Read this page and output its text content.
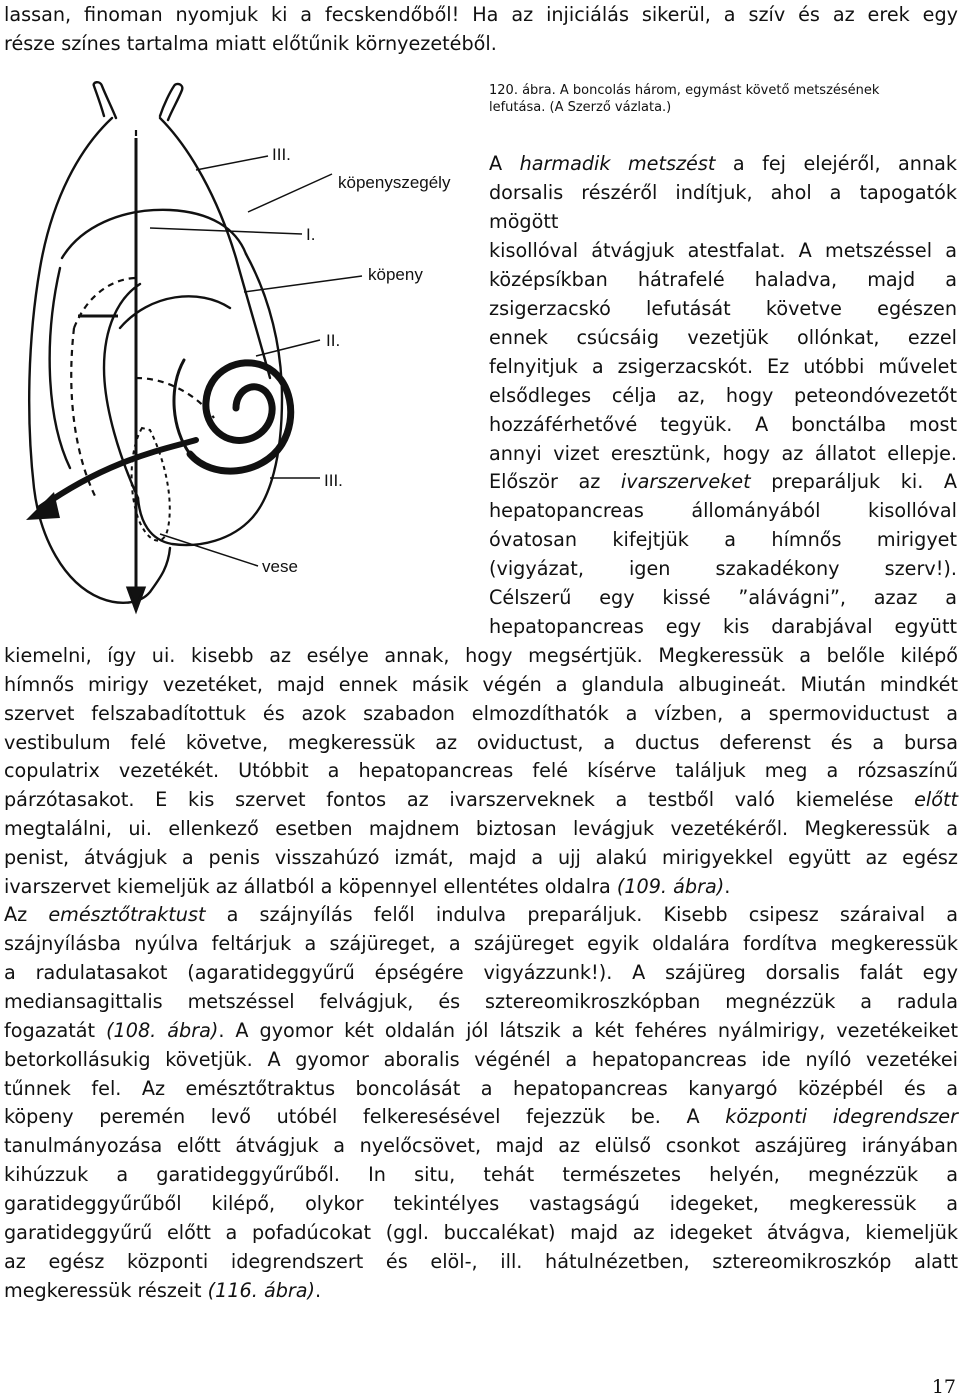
lassan, finoman nyomjuk ki a fecskendőből! Ha az injiciálás sikerül, a szív és az erek egy
része színes tartalma miatt előtűnik környezetéből.
III.
köpenyszegély
I.
köpeny
II.
III.
vese
120. ábra. A boncolás három, egymást követő metszésének
lefutása. (A Szerző vázlata.)
A harmadik metszést a fej elejéről, annak
dorsalis részéről indítjuk, ahol a tapogatók
mögött
kisollóval átvágjuk atestfalat. A metszéssel a
középsíkban hátrafelé haladva, majd a
zsigerzacskó lefutását követve egészen
ennek csúcsáig vezetjük ollónkat, ezzel
felnyitjuk a zsigerzacskót. Ez utóbbi művelet
elsődleges célja az, hogy peteondóvezetőt
hozzáférhetővé tegyük. A bonctálba most
annyi vizet eresztünk, hogy az állatot ellepje.
Először az ivarszerveket preparáljuk ki. A
hepatopancreas állományából kisollóval
óvatosan kifejtjük a hímnős mirigyet
(vigyázat, igen szakadékony szerv!).
Célszerű egy kissé ”alávágni”, azaz a
hepatopancreas egy kis darabjával együtt
kiemelni, így ui. kisebb az esélye annak, hogy megsértjük. Megkeressük a belőle kilépő
hímnős mirigy vezetéket, majd ennek másik végén a glandula albugineát. Miután mindkét
szervet felszabadítottuk és azok szabadon elmozdíthatók a vízben, a spermoviductust a
vestibulum felé követve, megkeressük az oviductust, a ductus deferenst és a bursa
copulatrix vezetékét. Utóbbit a hepatopancreas felé kísérve találjuk meg a rózsaszínű
párzótasakot. E kis szervet fontos az ivarszerveknek a testből való kiemelése előtt
megtalálni, ui. ellenkező esetben majdnem biztosan levágjuk vezetékéről. Megkeressük a
penist, átvágjuk a penis visszahúzó izmát, majd a ujj alakú mirigyekkel együtt az egész
ivarszervet kiemeljük az állatból a köpennyel ellentétes oldalra (109. ábra).
Az emésztőtraktust a szájnyílás felől indulva preparáljuk. Kisebb csipesz száraival a
szájnyílásba nyúlva feltárjuk a szájüreget, a szájüreget egyik oldalára fordítva megkeressük
a radulatasakot (agaratideggyűrű épségére vigyázzunk!). A szájüreg dorsalis falát egy
mediansagittalis metszéssel felvágjuk, és sztereomikroszkópban megnézzük a radula
fogazatát (108. ábra). A gyomor két oldalán jól látszik a két fehéres nyálmirigy, vezetékeiket
betorkollásukig követjük. A gyomor aboralis végénél a hepatopancreas ide nyíló vezetékei
tűnnek fel. Az emésztőtraktus boncolását a hepatopancreas kanyargó középbél és a
köpeny peremén levő utóbél felkeresésével fejezzük be. A központi idegrendszer
tanulmányozása előtt átvágjuk a nyelőcsövet, majd az elülső csonkot aszájüreg irányában
kihúzzuk a garatideggyűrűből. In situ, tehát természetes helyén, megnézzük a
garatideggyűrűből kilépő, olykor tekintélyes vastagságú idegeket, megkeressük a
garatideggyűrű előtt a pofadúcokat (ggl. buccalékat) majd az idegeket átvágva, kiemeljük
az egész központi idegrendszert és elöl-, ill. hátulnézetben, sztereomikroszkóp alatt
megkeressük részeit (116. ábra).
17
